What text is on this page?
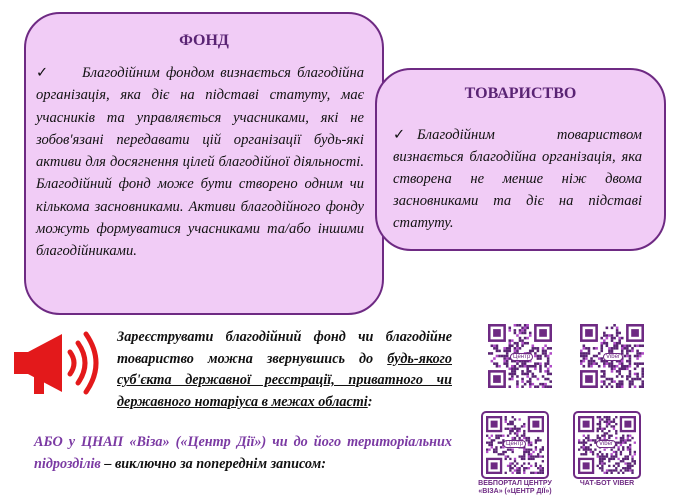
ФОНД
✓ Благодійним фондом визнається благодійна організація, яка діє на підставі статуту, має учасників та управляється учасниками, які не зобов'язані передавати цій організації будь-які активи для досягнення цілей благодійної діяльності. Благодійний фонд може бути створено одним чи кількома засновниками. Активи благодійного фонду можуть формуватися учасниками та/або іншими благодійниками.
ТОВАРИСТВО
✓ Благодійним товариством визнається благодійна організація, яка створена не менше ніж двома засновниками та діє на підставі статуту.
Зареєструвати благодійний фонд чи благодійне товариство можна звернувшись до будь-якого суб'єкта державної реєстрації, приватного чи державного нотаріуса в межах області:
АБО у ЦНАП «Віза» («Центр Дії») чи до його територіальних підрозділів – виключно за попереднім записом:
Центр	Viber
Центр	Viber
ВЕБПОРТАЛ ЦЕНТРУ «ВІЗА» («ЦЕНТР ДІЇ»)
ЧАТ-БОТ VIBER
